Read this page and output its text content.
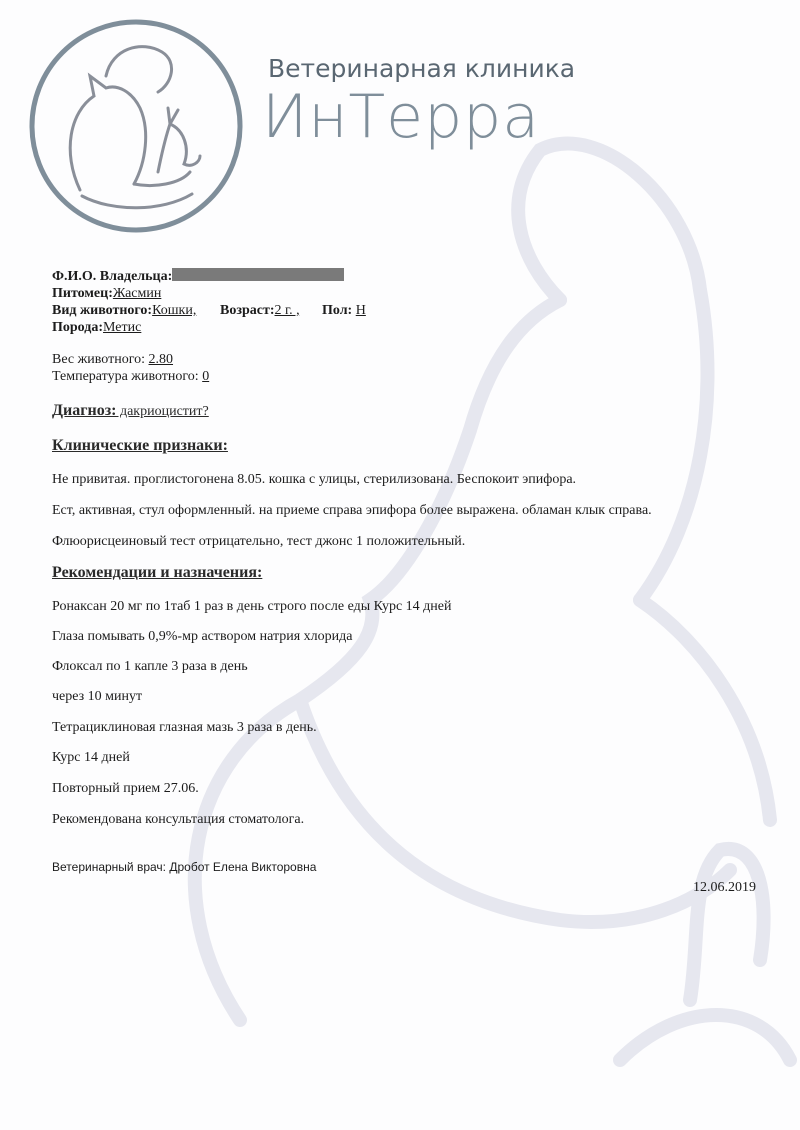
Ветеринарная клиника
ИнТерра
Ф.И.О. Владельца:
Питомец:Жасмин
Вид животного:Кошки, Возраст:2 г. , Пол: Н
Порода:Метис
Вес животного: 2.80
Температура животного: 0
Диагноз: дакриоцистит?
Клинические признаки:
Не привитая. проглистогонена 8.05. кошка с улицы, стерилизована. Беспокоит эпифора.
Ест, активная, стул оформленный. на приеме справа эпифора более выражена. обламан клык справа.
Флюорисцеиновый тест отрицательно, тест джонс 1 положительный.
Рекомендации и назначения:
Ронаксан 20 мг по 1таб 1 раз в день строго после еды Курс 14 дней
Глаза помывать 0,9%-мр аствором натрия хлорида
Флоксал по 1 капле 3 раза в день
через 10 минут
Тетрациклиновая глазная мазь 3 раза в день.
Курс 14 дней
Повторный прием 27.06.
Рекомендована консультация стоматолога.
Ветеринарный врач: Дробот Елена Викторовна
12.06.2019
